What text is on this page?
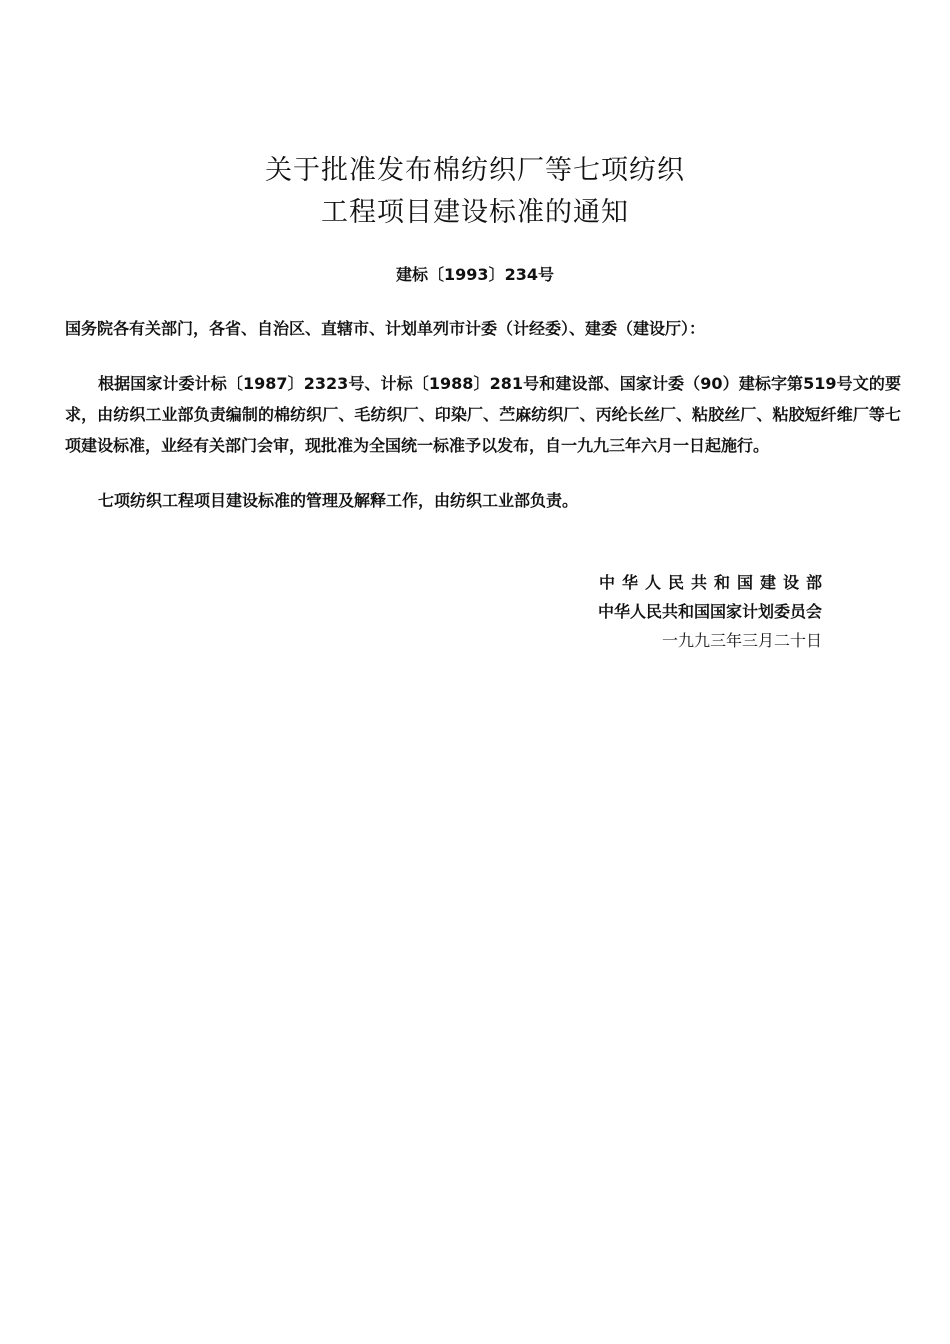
关于批准发布棉纺织厂等七项纺织
工程项目建设标准的通知
建标〔1993〕234号
国务院各有关部门，各省、自治区、直辖市、计划单列市计委（计经委）、建委（建设厅）：

根据国家计委计标〔1987〕2323号、计标〔1988〕281号和建设部、国家计委（90）建标字第519号文的要求，由纺织工业部负责编制的棉纺织厂、毛纺织厂、印染厂、苎麻纺织厂、丙纶长丝厂、粘胶丝厂、粘胶短纤维厂等七项建设标准，业经有关部门会审，现批准为全国统一标准予以发布，自一九九三年六月一日起施行。

七项纺织工程项目建设标准的管理及解释工作，由纺织工业部负责。

中华人民共和国建设部
中华人民共和国国家计划委员会
一九九三年三月二十日
